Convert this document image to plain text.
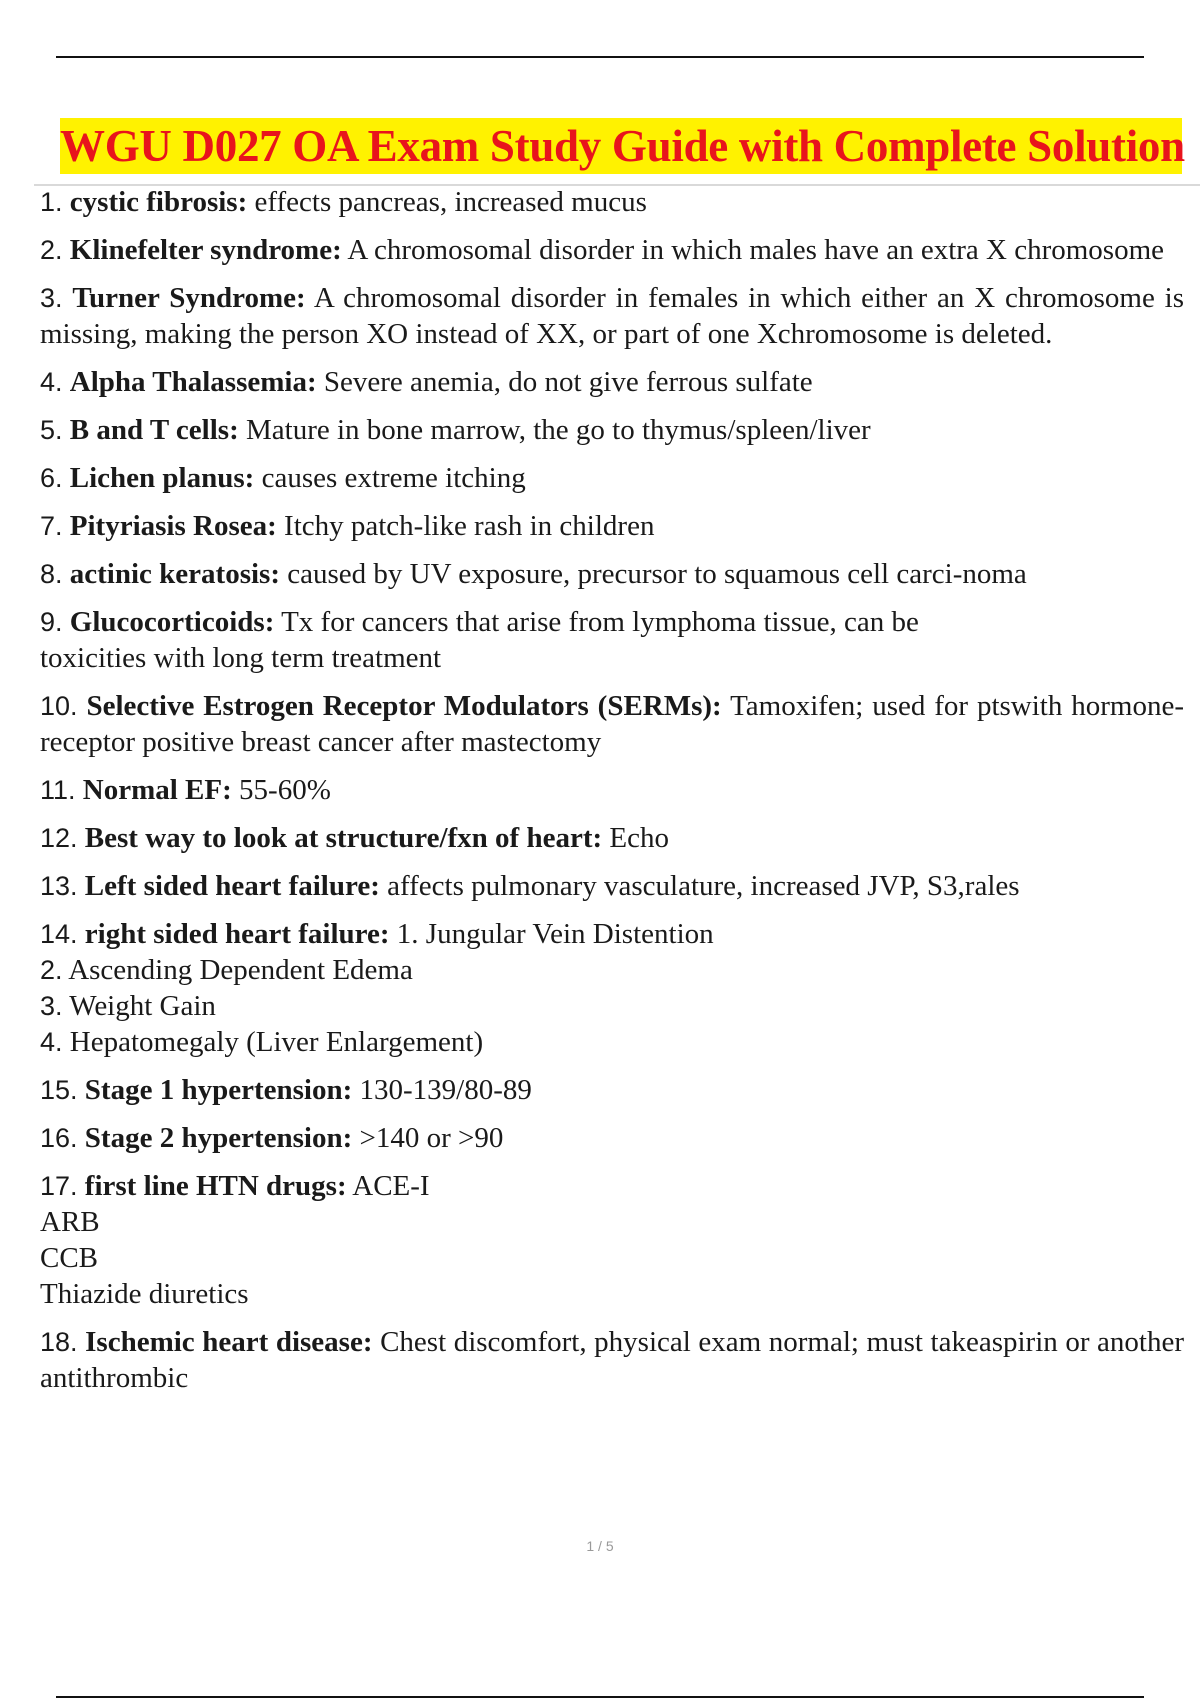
WGU D027 OA Exam Study Guide with Complete Solution
1. cystic fibrosis: effects pancreas, increased mucus
2. Klinefelter syndrome: A chromosomal disorder in which males have an extra X chromosome
3. Turner Syndrome: A chromosomal disorder in females in which either an X chromosome is missing, making the person XO instead of XX, or part of one Xchromosome is deleted.
4. Alpha Thalassemia: Severe anemia, do not give ferrous sulfate
5. B and T cells: Mature in bone marrow, the go to thymus/spleen/liver
6. Lichen planus: causes extreme itching
7. Pityriasis Rosea: Itchy patch-like rash in children
8. actinic keratosis: caused by UV exposure, precursor to squamous cell carci-noma
9. Glucocorticoids: Tx for cancers that arise from lymphoma tissue, can be
toxicities with long term treatment
10. Selective Estrogen Receptor Modulators (SERMs): Tamoxifen; used for ptswith hormone-receptor positive breast cancer after mastectomy
11. Normal EF: 55-60%
12. Best way to look at structure/fxn of heart: Echo
13. Left sided heart failure: affects pulmonary vasculature, increased JVP, S3,rales
14. right sided heart failure: 1. Jungular Vein Distention
2. Ascending Dependent Edema
3. Weight Gain
4. Hepatomegaly (Liver Enlargement)
15. Stage 1 hypertension: 130-139/80-89
16. Stage 2 hypertension: >140 or >90
17. first line HTN drugs: ACE-I
ARB
CCB
Thiazide diuretics
18. Ischemic heart disease: Chest discomfort, physical exam normal; must takeaspirin or another antithrombic
1 / 5
